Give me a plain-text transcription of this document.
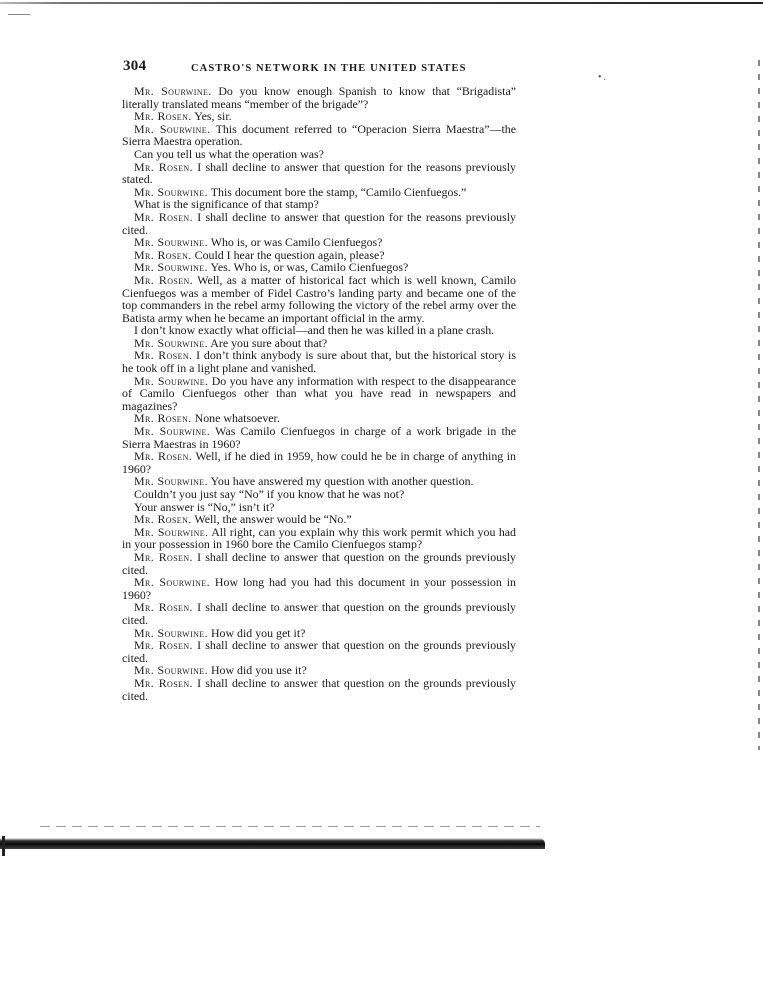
•.
304	CASTRO'S NETWORK IN THE UNITED STATES

Mr. Sourwine. Do you know enough Spanish to know that “Brigadista” literally translated means “member of the brigade”?

Mr. Rosen. Yes, sir.

Mr. Sourwine. This document referred to “Operacion Sierra Maestra”—the Sierra Maestra operation.

Can you tell us what the operation was?

Mr. Rosen. I shall decline to answer that question for the reasons previously stated.

Mr. Sourwine. This document bore the stamp, “Camilo Cienfuegos.”

What is the significance of that stamp?

Mr. Rosen. I shall decline to answer that question for the reasons previously cited.

Mr. Sourwine. Who is, or was Camilo Cienfuegos?

Mr. Rosen. Could I hear the question again, please?

Mr. Sourwine. Yes. Who is, or was, Camilo Cienfuegos?

Mr. Rosen. Well, as a matter of historical fact which is well known, Camilo Cienfuegos was a member of Fidel Castro’s landing party and became one of the top commanders in the rebel army following the victory of the rebel army over the Batista army when he became an important official in the army.

I don’t know exactly what official—and then he was killed in a plane crash.

Mr. Sourwine. Are you sure about that?

Mr. Rosen. I don’t think anybody is sure about that, but the historical story is he took off in a light plane and vanished.

Mr. Sourwine. Do you have any information with respect to the disappearance of Camilo Cienfuegos other than what you have read in newspapers and magazines?

Mr. Rosen. None whatsoever.

Mr. Sourwine. Was Camilo Cienfuegos in charge of a work brigade in the Sierra Maestras in 1960?

Mr. Rosen. Well, if he died in 1959, how could he be in charge of anything in 1960?

Mr. Sourwine. You have answered my question with another question.

Couldn’t you just say “No” if you know that he was not?

Your answer is “No,” isn’t it?

Mr. Rosen. Well, the answer would be “No.”

Mr. Sourwine. All right, can you explain why this work permit which you had in your possession in 1960 bore the Camilo Cienfuegos stamp?

Mr. Rosen. I shall decline to answer that question on the grounds previously cited.

Mr. Sourwine. How long had you had this document in your possession in 1960?

Mr. Rosen. I shall decline to answer that question on the grounds previously cited.

Mr. Sourwine. How did you get it?

Mr. Rosen. I shall decline to answer that question on the grounds previously cited.

Mr. Sourwine. How did you use it?

Mr. Rosen. I shall decline to answer that question on the grounds previously cited.
